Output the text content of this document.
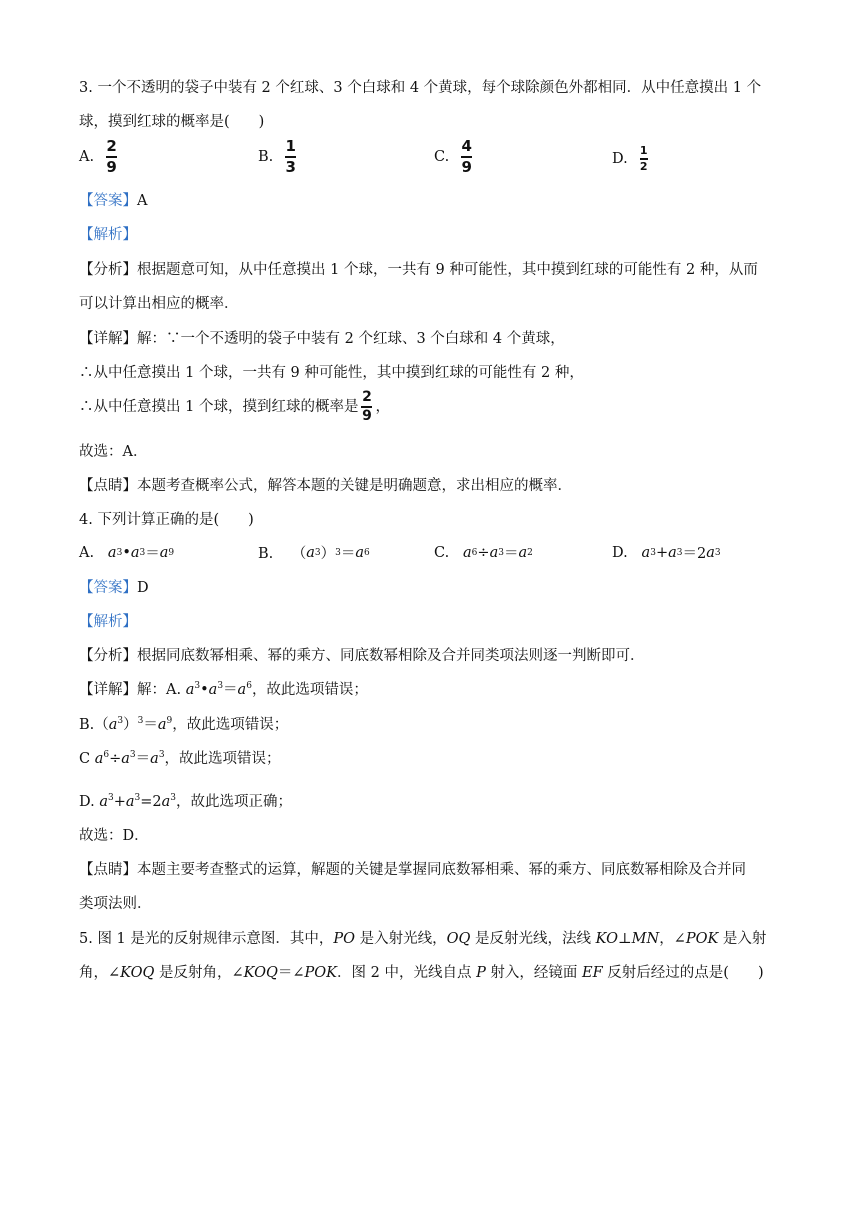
3. 一个不透明的袋子中装有 2 个红球、3 个白球和 4 个黄球，每个球除颜色外都相同．从中任意摸出 1 个
球，摸到红球的概率是(　　)
A. $\frac{2}{9}$	B. $\frac{1}{3}$	C. $\frac{4}{9}$	D. $\frac{1}{2}$
【答案】A
【解析】
【分析】根据题意可知，从中任意摸出 1 个球，一共有 9 种可能性，其中摸到红球的可能性有 2 种，从而
可以计算出相应的概率．
【详解】解：∵一个不透明的袋子中装有 2 个红球、3 个白球和 4 个黄球，
∴从中任意摸出 1 个球，一共有 9 种可能性，其中摸到红球的可能性有 2 种，
∴从中任意摸出 1 个球，摸到红球的概率是 $\frac{2}{9}$ ，
故选：A．
【点睛】本题考查概率公式，解答本题的关键是明确题意，求出相应的概率．
4. 下列计算正确的是(　　)
A. a 3 • a 3 ＝ a 9	B.    （ a 3 ） 3 ＝ a 6	C. a 6 ÷ a 3 ＝ a 2	D. a 3 + a 3 ＝2 a 3
【答案】D
【解析】
【分析】根据同底数幂相乘、幂的乘方、同底数幂相除及合并同类项法则逐一判断即可．
【详解】解：A. $a^3•a^3=a^6$，故此选项错误；
$B.(a^3)^3=a^9$，故此选项错误；
C $a^6\div a^3=a^3$，故此选项错误；
D. $a^3+a^3=2a^3$，故此选项正确；
故选：D．
【点睛】本题主要考查整式的运算，解题的关键是掌握同底数幂相乘、幂的乘方、同底数幂相除及合并同
类项法则．
5. 图 1 是光的反射规律示意图．其中，PO 是入射光线，OQ 是反射光线，法线 KO⊥MN，∠POK 是入射
角，∠KOQ 是反射角，∠KOQ＝∠POK．图 2 中，光线自点 P 射入，经镜面 EF 反射后经过的点是(　　)
